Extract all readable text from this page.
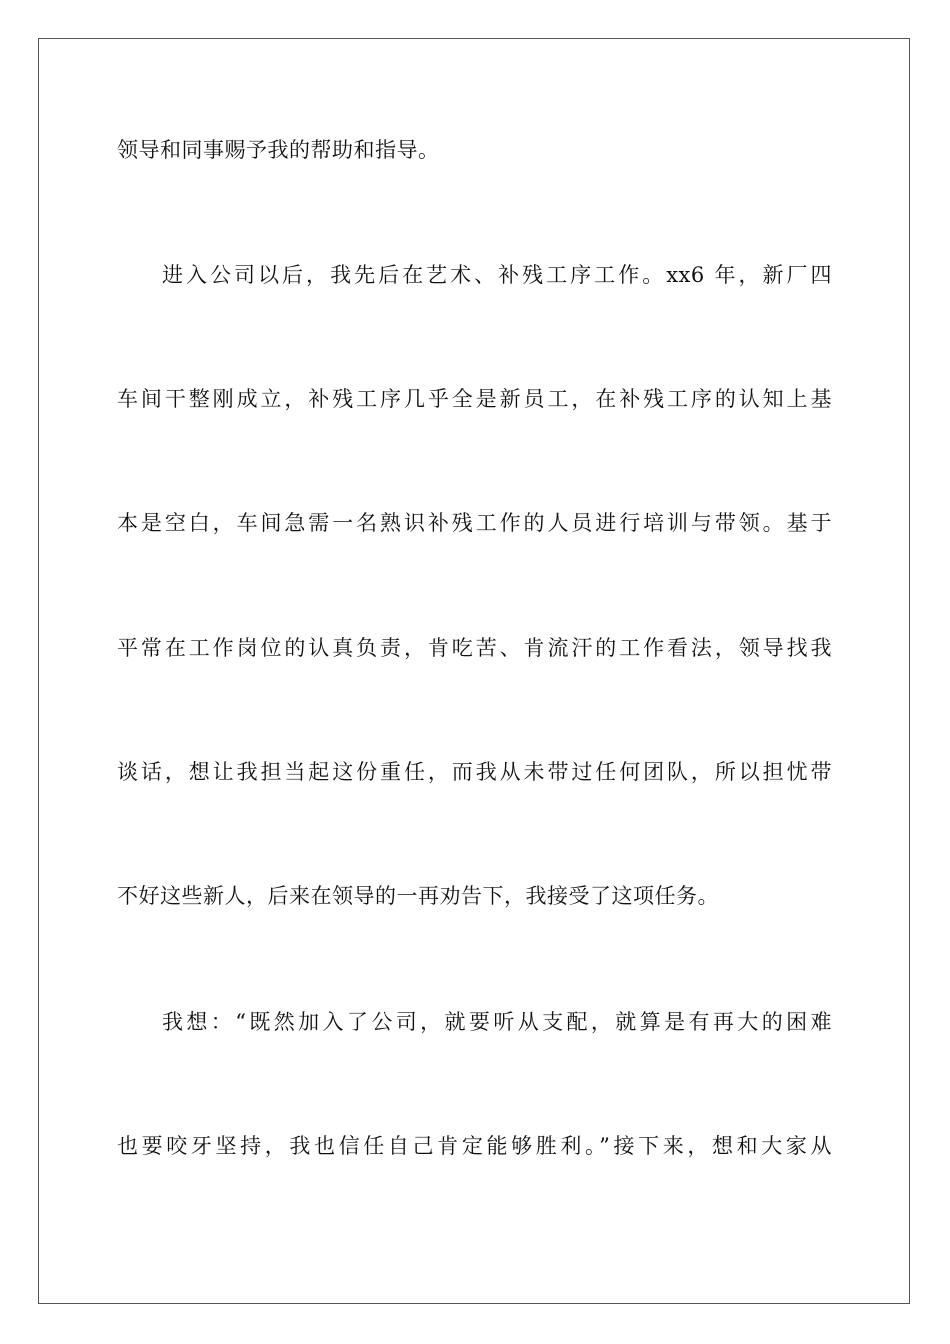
领导和同事赐予我的帮助和指导。
进入公司以后，我先后在艺术、补残工序工作。xx6 年，新厂四
车间干整刚成立，补残工序几乎全是新员工，在补残工序的认知上基
本是空白，车间急需一名熟识补残工作的人员进行培训与带领。基于
平常在工作岗位的认真负责，肯吃苦、肯流汗的工作看法，领导找我
谈话，想让我担当起这份重任，而我从未带过任何团队，所以担忧带
不好这些新人，后来在领导的一再劝告下，我接受了这项任务。
我想：“既然加入了公司，就要听从支配，就算是有再大的困难
也要咬牙坚持，我也信任自己肯定能够胜利。”接下来，想和大家从
